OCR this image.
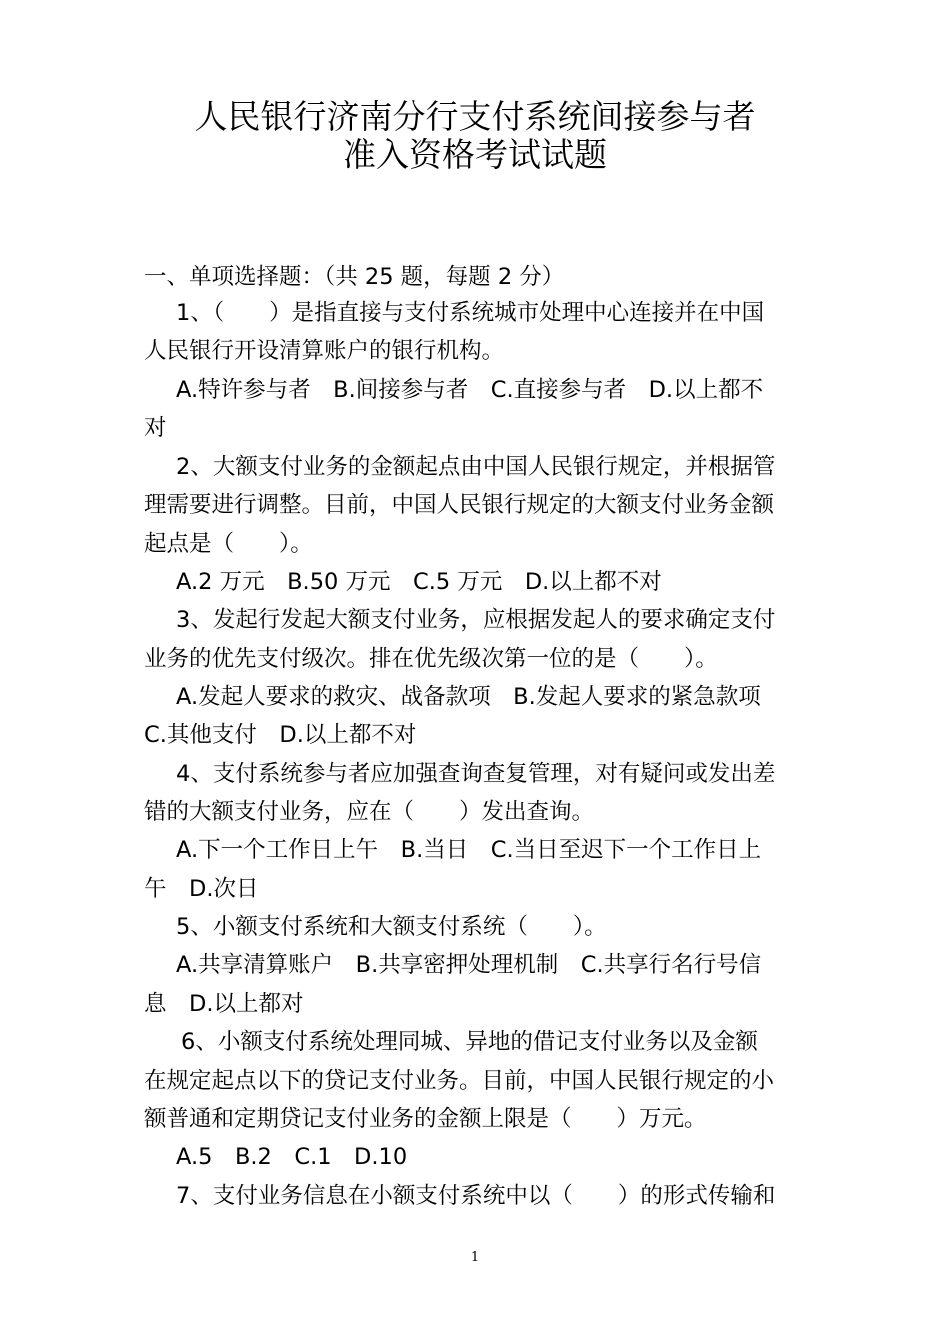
人民银行济南分行支付系统间接参与者
准入资格考试试题
一、单项选择题：（共 25 题，每题 2 分）
1、（　　）是指直接与支付系统城市处理中心连接并在中国
人民银行开设清算账户的银行机构。
A.特许参与者　B.间接参与者　C.直接参与者　D.以上都不
对
2、大额支付业务的金额起点由中国人民银行规定，并根据管
理需要进行调整。目前，中国人民银行规定的大额支付业务金额
起点是（　　）。
A.2 万元　B.50 万元　C.5 万元　D.以上都不对
3、发起行发起大额支付业务，应根据发起人的要求确定支付
业务的优先支付级次。排在优先级次第一位的是（　　）。
A.发起人要求的救灾、战备款项　B.发起人要求的紧急款项
C.其他支付　D.以上都不对
4、支付系统参与者应加强查询查复管理，对有疑问或发出差
错的大额支付业务，应在（　　）发出查询。
A.下一个工作日上午　B.当日　C.当日至迟下一个工作日上
午　D.次日
5、小额支付系统和大额支付系统（　　）。
A.共享清算账户　B.共享密押处理机制　C.共享行名行号信
息　D.以上都对
6、小额支付系统处理同城、异地的借记支付业务以及金额
在规定起点以下的贷记支付业务。目前，中国人民银行规定的小
额普通和定期贷记支付业务的金额上限是（　　）万元。
A.5　B.2　C.1　D.10
7、支付业务信息在小额支付系统中以（　　）的形式传输和
1
